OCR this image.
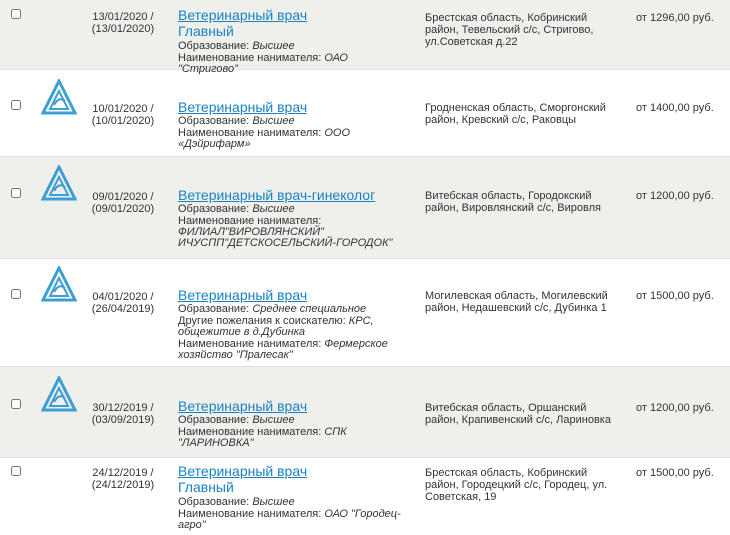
13/01/2020 /
(13/01/2020)
Ветеринарный врач
Главный
Образование: Высшее
Наименование нанимателя: ОАО "Стригово"
Брестская область, Кобринский район, Тевельский с/с, Стригово, ул.Советская д.22
от 1296,00 руб.
10/01/2020 /
(10/01/2020)
Ветеринарный врач
Образование: Высшее
Наименование нанимателя: ООО «Дэйрифарм»
Гродненская область, Сморгонский район, Кревский с/с, Раковцы
от 1400,00 руб.
09/01/2020 /
(09/01/2020)
Ветеринарный врач-гинеколог
Образование: Высшее
Наименование нанимателя: ФИЛИАЛ"ВИРОВЛЯНСКИЙ" ИЧУСПП"ДЕТСКОСЕЛЬСКИЙ-ГОРОДОК"
Витебская область, Городокский район, Вировлянский с/с, Вировля
от 1200,00 руб.
04/01/2020 /
(26/04/2019)
Ветеринарный врач
Образование: Среднее специальное
Другие пожелания к соискателю: КРС, общежитие в д.Дубинка
Наименование нанимателя: Фермерское хозяйство "Пралесак"
Могилевская область, Могилевский район, Недашевский с/с, Дубинка 1
от 1500,00 руб.
30/12/2019 /
(03/09/2019)
Ветеринарный врач
Образование: Высшее
Наименование нанимателя: СПК "ЛАРИНОВКА"
Витебская область, Оршанский район, Крапивенский с/с, Лариновка
от 1200,00 руб.
24/12/2019 /
(24/12/2019)
Ветеринарный врач
Главный
Образование: Высшее
Наименование нанимателя: ОАО "Городец-агро"
Брестская область, Кобринский район, Городецкий с/с, Городец, ул. Советская, 19
от 1500,00 руб.
